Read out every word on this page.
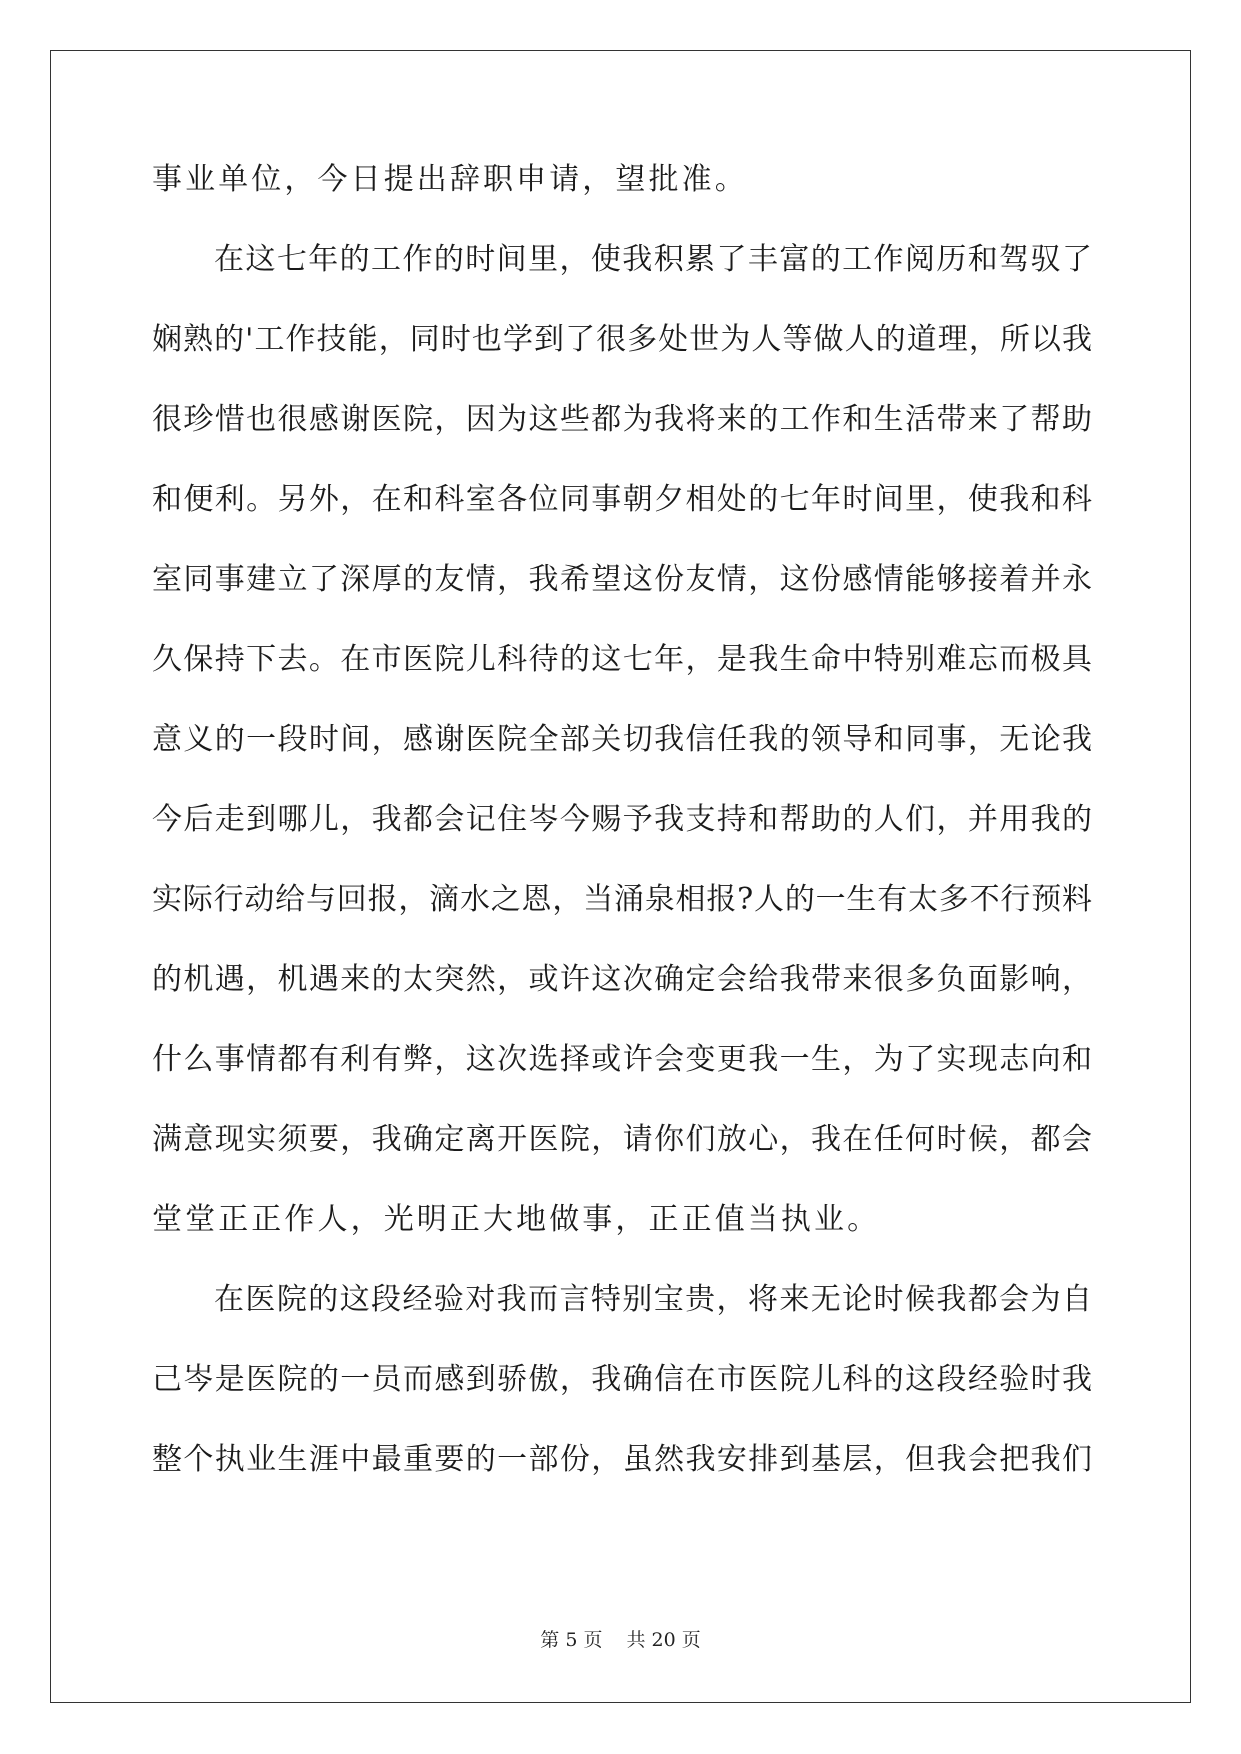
事业单位，今日提出辞职申请，望批准。
在这七年的工作的时间里，使我积累了丰富的工作阅历和驾驭了
娴熟的'工作技能，同时也学到了很多处世为人等做人的道理，所以我
很珍惜也很感谢医院，因为这些都为我将来的工作和生活带来了帮助
和便利。另外，在和科室各位同事朝夕相处的七年时间里，使我和科
室同事建立了深厚的友情，我希望这份友情，这份感情能够接着并永
久保持下去。在市医院儿科待的这七年，是我生命中特别难忘而极具
意义的一段时间，感谢医院全部关切我信任我的领导和同事，无论我
今后走到哪儿，我都会记住岑今赐予我支持和帮助的人们，并用我的
实际行动给与回报，滴水之恩，当涌泉相报?人的一生有太多不行预料
的机遇，机遇来的太突然，或许这次确定会给我带来很多负面影响，
什么事情都有利有弊，这次选择或许会变更我一生，为了实现志向和
满意现实须要，我确定离开医院，请你们放心，我在任何时候，都会
堂堂正正作人，光明正大地做事，正正值当执业。
在医院的这段经验对我而言特别宝贵，将来无论时候我都会为自
己岑是医院的一员而感到骄傲，我确信在市医院儿科的这段经验时我
整个执业生涯中最重要的一部份，虽然我安排到基层，但我会把我们
第 5 页 共 20 页
